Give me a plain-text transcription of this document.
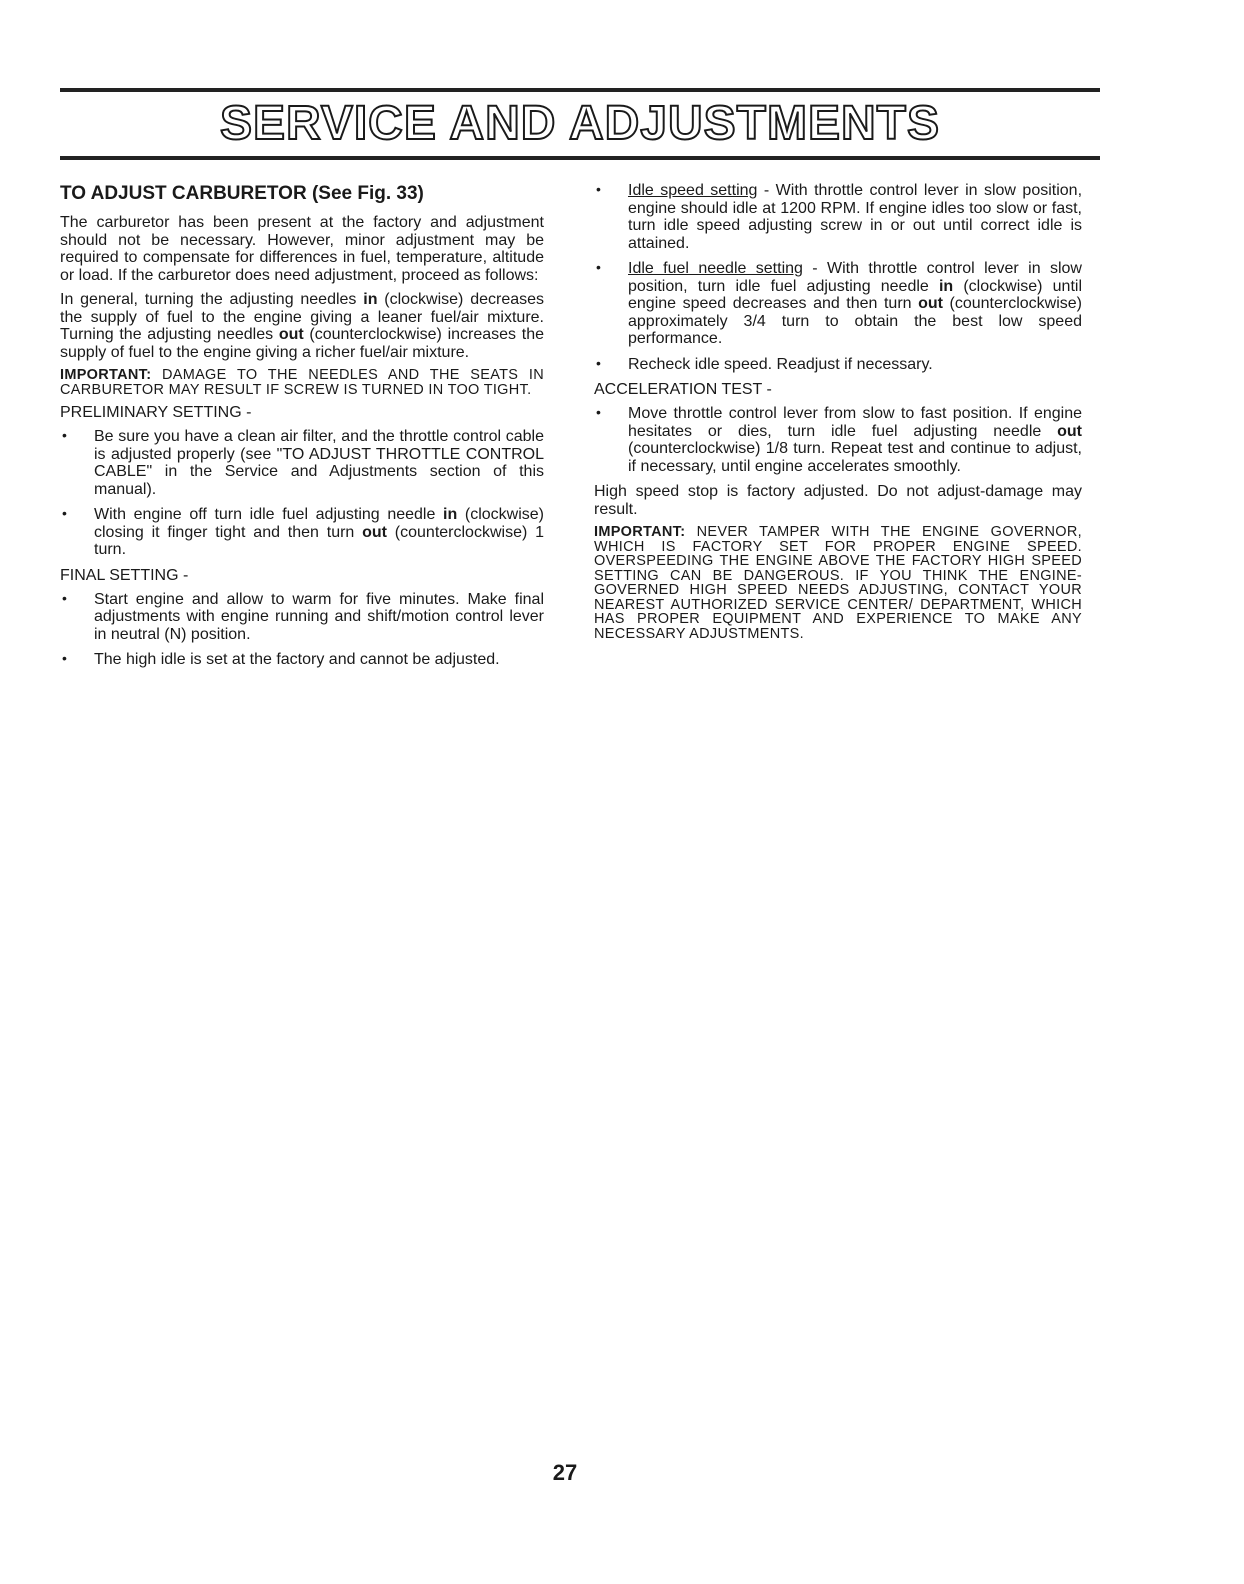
SERVICE AND ADJUSTMENTS
TO ADJUST CARBURETOR (See Fig. 33)

The carburetor has been present at the factory and adjustment should not be necessary. However, minor adjustment may be required to compensate for differences in fuel, temperature, altitude or load. If the carburetor does need adjustment, proceed as follows:

In general, turning the adjusting needles in (clockwise) decreases the supply of fuel to the engine giving a leaner fuel/air mixture. Turning the adjusting needles out (counterclockwise) increases the supply of fuel to the engine giving a richer fuel/air mixture.

IMPORTANT: DAMAGE TO THE NEEDLES AND THE SEATS IN CARBURETOR MAY RESULT IF SCREW IS TURNED IN TOO TIGHT.

PRELIMINARY SETTING -
• Be sure you have a clean air filter, and the throttle control cable is adjusted properly (see "TO ADJUST THROTTLE CONTROL CABLE" in the Service and Adjustments section of this manual).
• With engine off turn idle fuel adjusting needle in (clockwise) closing it finger tight and then turn out (counterclockwise) 1 turn.
FINAL SETTING -
• Start engine and allow to warm for five minutes. Make final adjustments with engine running and shift/motion control lever in neutral (N) position.
• The high idle is set at the factory and cannot be adjusted.
• Idle speed setting - With throttle control lever in slow position, engine should idle at 1200 RPM. If engine idles too slow or fast, turn idle speed adjusting screw in or out until correct idle is attained.
• Idle fuel needle setting - With throttle control lever in slow position, turn idle fuel adjusting needle in (clockwise) until engine speed decreases and then turn out (counterclockwise) approximately 3/4 turn to obtain the best low speed performance.
• Recheck idle speed. Readjust if necessary.
ACCELERATION TEST -
• Move throttle control lever from slow to fast position. If engine hesitates or dies, turn idle fuel adjusting needle out (counterclockwise) 1/8 turn. Repeat test and continue to adjust, if necessary, until engine accelerates smoothly.

High speed stop is factory adjusted. Do not adjust-damage may result.

IMPORTANT: NEVER TAMPER WITH THE ENGINE GOVERNOR, WHICH IS FACTORY SET FOR PROPER ENGINE SPEED. OVERSPEEDING THE ENGINE ABOVE THE FACTORY HIGH SPEED SETTING CAN BE DANGEROUS. IF YOU THINK THE ENGINE-GOVERNED HIGH SPEED NEEDS ADJUSTING, CONTACT YOUR NEAREST AUTHORIZED SERVICE CENTER/ DEPARTMENT, WHICH HAS PROPER EQUIPMENT AND EXPERIENCE TO MAKE ANY NECESSARY ADJUSTMENTS.

27
